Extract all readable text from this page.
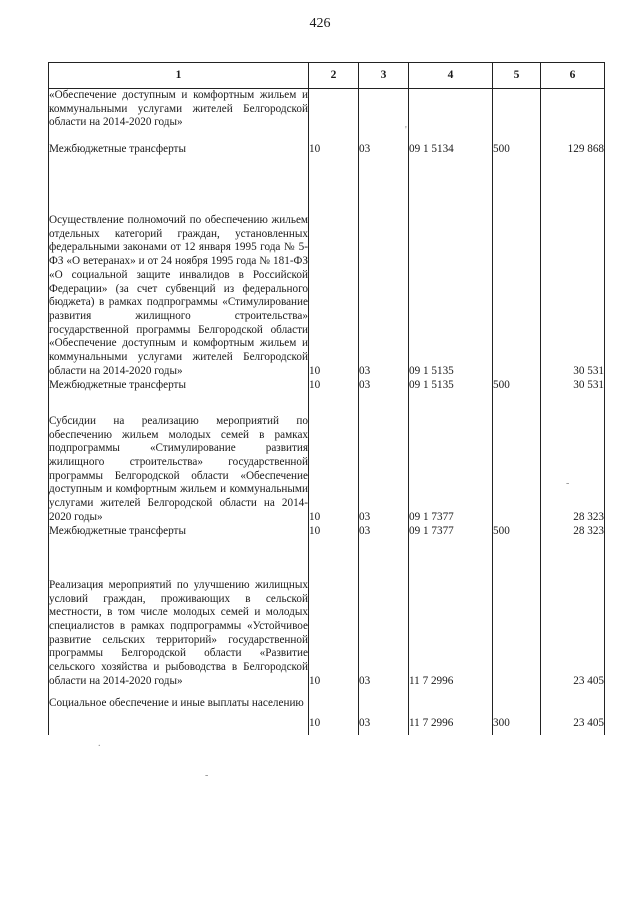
426
1	2	3	4	5	6

«Обеспечение доступным и комфортным жильем и коммунальными услугами жителей Белгородской области на 2014-2020 годы»					

Межбюджетные трансферты	10	03	09 1 5134	500	129 868

Осуществление полномочий по обеспечению жильем отдельных категорий граждан, установленных федеральными законами от 12 января 1995 года № 5-ФЗ «О ветеранах» и от 24 ноября 1995 года № 181-ФЗ «О социальной защите инвалидов в Российской Федерации» (за счет субвенций из федерального бюджета) в рамках подпрограммы «Стимулирование развития жилищного строительства» государственной программы Белгородской области «Обеспечение доступным и комфортным жильем и коммунальными услугами жителей Белгородской области на 2014-2020 годы»	10	03	09 1 5135		30 531

Межбюджетные трансферты	10	03	09 1 5135	500	30 531

Субсидии на реализацию мероприятий по обеспечению жильем молодых семей в рамках подпрограммы «Стимулирование развития жилищного строительства» государственной программы Белгородской области «Обеспечение доступным и комфортным жильем и коммунальными услугами жителей Белгородской области на 2014-2020 годы»	10	03	09 1 7377		28 323

Межбюджетные трансферты	10	03	09 1 7377	500	28 323

Реализация мероприятий по улучшению жилищных условий граждан, проживающих в сельской местности, в том числе молодых семей и молодых специалистов в рамках подпрограммы «Устойчивое развитие сельских территорий» государственной программы Белгородской области «Развитие сельского хозяйства и рыбоводства в Белгородской области на 2014-2020 годы»	10	03	11 7 2996		23 405

Социальное обеспечение и иные выплаты населению	10	03	11 7 2996	300	23 405
-
.
-
'
